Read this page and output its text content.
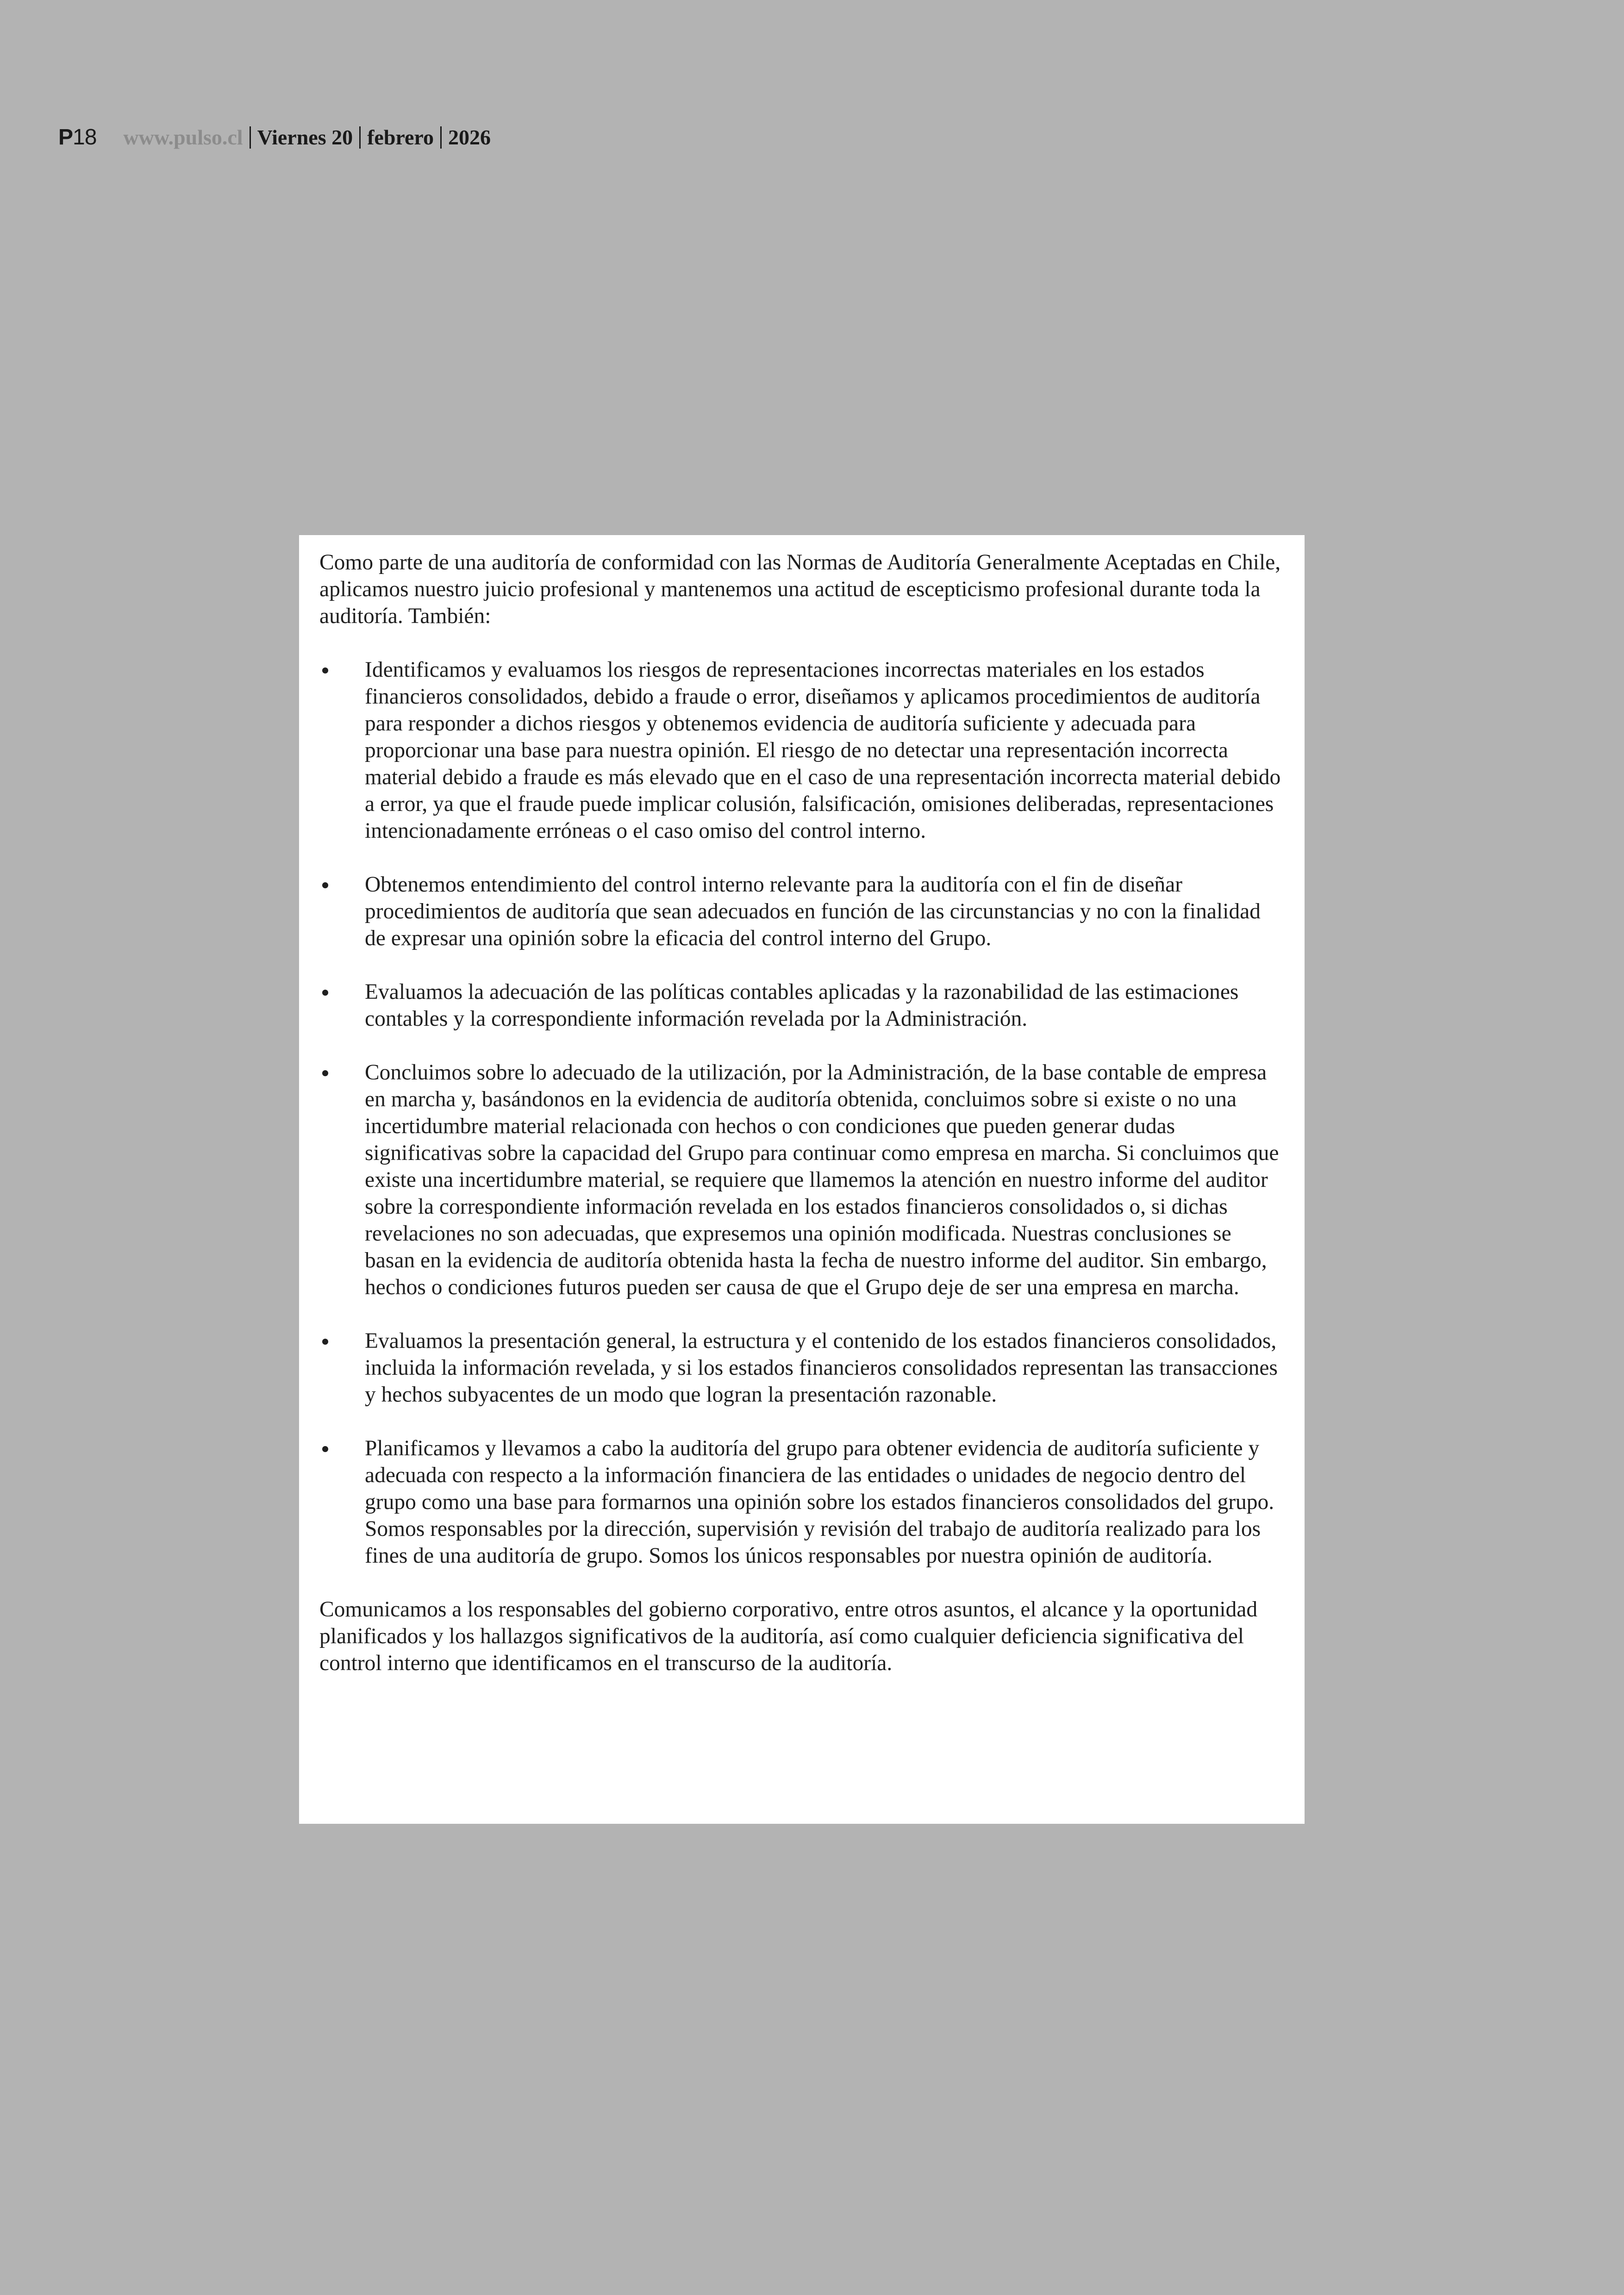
P18 www.pulso.cl Viernes 20 febrero 2026

Como parte de una auditoría de conformidad con las Normas de Auditoría Generalmente Aceptadas en Chile, aplicamos nuestro juicio profesional y mantenemos una actitud de escepticismo profesional durante toda la auditoría. También:

Identificamos y evaluamos los riesgos de representaciones incorrectas materiales en los estados financieros consolidados, debido a fraude o error, diseñamos y aplicamos procedimientos de auditoría para responder a dichos riesgos y obtenemos evidencia de auditoría suficiente y adecuada para proporcionar una base para nuestra opinión. El riesgo de no detectar una representación incorrecta material debido a fraude es más elevado que en el caso de una representación incorrecta material debido a error, ya que el fraude puede implicar colusión, falsificación, omisiones deliberadas, representaciones intencionadamente erróneas o el caso omiso del control interno.
Obtenemos entendimiento del control interno relevante para la auditoría con el fin de diseñar procedimientos de auditoría que sean adecuados en función de las circunstancias y no con la finalidad de expresar una opinión sobre la eficacia del control interno del Grupo.
Evaluamos la adecuación de las políticas contables aplicadas y la razonabilidad de las estimaciones contables y la correspondiente información revelada por la Administración.
Concluimos sobre lo adecuado de la utilización, por la Administración, de la base contable de empresa en marcha y, basándonos en la evidencia de auditoría obtenida, concluimos sobre si existe o no una incertidumbre material relacionada con hechos o con condiciones que pueden generar dudas significativas sobre la capacidad del Grupo para continuar como empresa en marcha. Si concluimos que existe una incertidumbre material, se requiere que llamemos la atención en nuestro informe del auditor sobre la correspondiente información revelada en los estados financieros consolidados o, si dichas revelaciones no son adecuadas, que expresemos una opinión modificada. Nuestras conclusiones se basan en la evidencia de auditoría obtenida hasta la fecha de nuestro informe del auditor. Sin embargo, hechos o condiciones futuros pueden ser causa de que el Grupo deje de ser una empresa en marcha.
Evaluamos la presentación general, la estructura y el contenido de los estados financieros consolidados, incluida la información revelada, y si los estados financieros consolidados representan las transacciones y hechos subyacentes de un modo que logran la presentación razonable.
Planificamos y llevamos a cabo la auditoría del grupo para obtener evidencia de auditoría suficiente y adecuada con respecto a la información financiera de las entidades o unidades de negocio dentro del grupo como una base para formarnos una opinión sobre los estados financieros consolidados del grupo. Somos responsables por la dirección, supervisión y revisión del trabajo de auditoría realizado para los fines de una auditoría de grupo. Somos los únicos responsables por nuestra opinión de auditoría.

Comunicamos a los responsables del gobierno corporativo, entre otros asuntos, el alcance y la oportunidad planificados y los hallazgos significativos de la auditoría, así como cualquier deficiencia significativa del control interno que identificamos en el transcurso de la auditoría.
